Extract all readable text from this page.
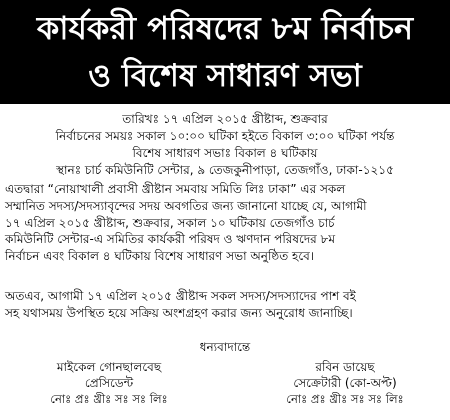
কার্যকরী পরিষদের ৮ম নির্বাচন
ও বিশেষ সাধারণ সভা
তারিখঃ ১৭ এপ্রিল ২০১৫ খ্রীষ্টাব্দ, শুক্রবার
নির্বাচনের সময়ঃ সকাল ১০:০০ ঘটিকা হইতে বিকাল ৩:০০ ঘটিকা পর্যন্ত
বিশেষ সাধারণ সভাঃ বিকাল ৪ ঘটিকায়
স্থানঃ চার্চ কমিউনিটি সেন্টার, ৯ তেজকুনীপাড়া, তেজগাঁও, ঢাকা-১২১৫
এতদ্বারা “নোয়াখালী প্রবাসী খ্রীষ্টান সমবায় সমিতি লিঃ ঢাকা” এর সকল
সম্মানিত সদস্য/সদস্যাবৃন্দের সদয় অবগতির জন্য জানানো যাচ্ছে যে, আগামী
১৭ এপ্রিল ২০১৫ খ্রীষ্টাব্দ, শুক্রবার, সকাল ১০ ঘটিকায় তেজগাঁও চার্চ
কমিউনিটি সেন্টার-এ সমিতির কার্যকরী পরিষদ ও ঋণদান পরিষদের ৮ম
নির্বাচন এবং বিকাল ৪ ঘটিকায় বিশেষ সাধারণ সভা অনুষ্ঠিত হবে।
অতএব, আগামী ১৭ এপ্রিল ২০১৫ খ্রীষ্টাব্দ সকল সদস্য/সদস্যাদের পাশ বই
সহ যথাসময় উপস্থিত হয়ে সক্রিয় অংশগ্রহণ করার জন্য অনুরোধ জানাচ্ছি।
ধন্যবাদান্তে
মাইকেল গোনছালবেছ
প্রেসিডেন্ট
নোঃ প্রঃ খ্রীঃ সঃ সঃ লিঃ
রবিন ডায়েছ
সেক্রেটারী (কো-অপ্ট)
নোঃ প্রঃ খ্রীঃ সঃ সঃ লিঃ
